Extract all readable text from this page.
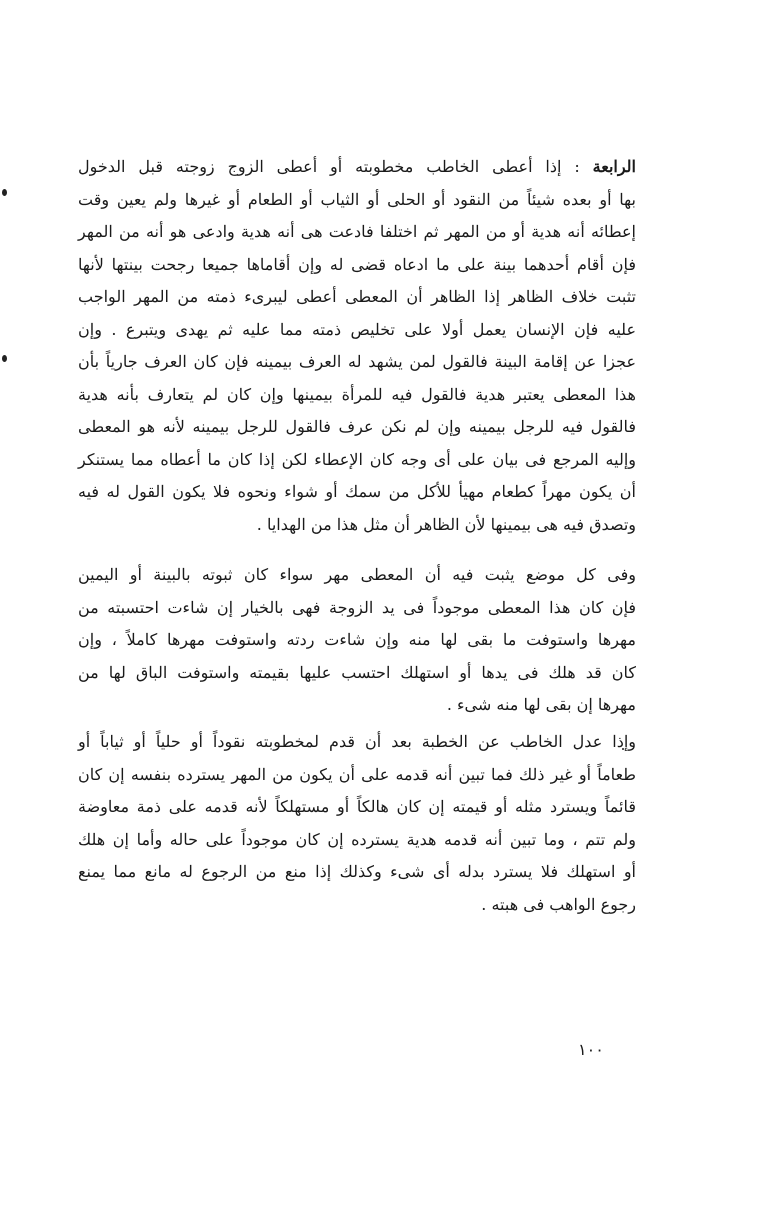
الرابعة : إذا أعطى الخاطب مخطوبته أو أعطى الزوج زوجته قبل الدخول
بها أو بعده شيئاً من النقود أو الحلى أو الثياب أو الطعام أو غيرها ولم يعين وقت
إعطائه أنه هدية أو من المهر ثم اختلفا فادعت هى أنه هدية وادعى هو أنه من المهر
فإن أقام أحدهما بينة على ما ادعاه قضى له وإن أقاماها جميعا رجحت بينتها لأنها
تثبت خلاف الظاهر إذا الظاهر أن المعطى أعطى ليبرىء ذمته من المهر الواجب
عليه فإن الإنسان يعمل أولا على تخليص ذمته مما عليه ثم يهدى ويتبرع . وإن
عجزا عن إقامة البينة فالقول لمن يشهد له العرف بيمينه فإن كان العرف جارياً بأن
هذا المعطى يعتبر هدية فالقول فيه للمرأة بيمينها وإن كان لم يتعارف بأنه هدية
فالقول فيه للرجل بيمينه وإن لم نكن عرف فالقول للرجل بيمينه لأنه هو المعطى
وإليه المرجع فى بيان على أى وجه كان الإعطاء لكن إذا كان ما أعطاه مما يستنكر
أن يكون مهراً كطعام مهيأ للأكل من سمك أو شواء ونحوه فلا يكون القول له فيه
وتصدق فيه هى بيمينها لأن الظاهر أن مثل هذا من الهدايا .
وفى كل موضع يثبت فيه أن المعطى مهر سواء كان ثبوته بالبينة أو اليمين
فإن كان هذا المعطى موجوداً فى يد الزوجة فهى بالخيار إن شاءت احتسبته من
مهرها واستوفت ما بقى لها منه وإن شاءت ردته واستوفت مهرها كاملاً ، وإن
كان قد هلك فى يدها أو استهلك احتسب عليها بقيمته واستوفت الباق لها من
مهرها إن بقى لها منه شىء .
وإذا عدل الخاطب عن الخطبة بعد أن قدم لمخطوبته نقوداً أو حلياً أو ثياباً أو
طعاماً أو غير ذلك فما تبين أنه قدمه على أن يكون من المهر يسترده بنفسه إن كان
قائماً ويسترد مثله أو قيمته إن كان هالكاً أو مستهلكاً لأنه قدمه على ذمة معاوضة
ولم تتم ، وما تبين أنه قدمه هدية يسترده إن كان موجوداً على حاله وأما إن هلك
أو استهلك فلا يسترد بدله أى شىء وكذلك إذا منع من الرجوع له مانع مما يمنع
رجوع الواهب فى هبته .
١٠٠
